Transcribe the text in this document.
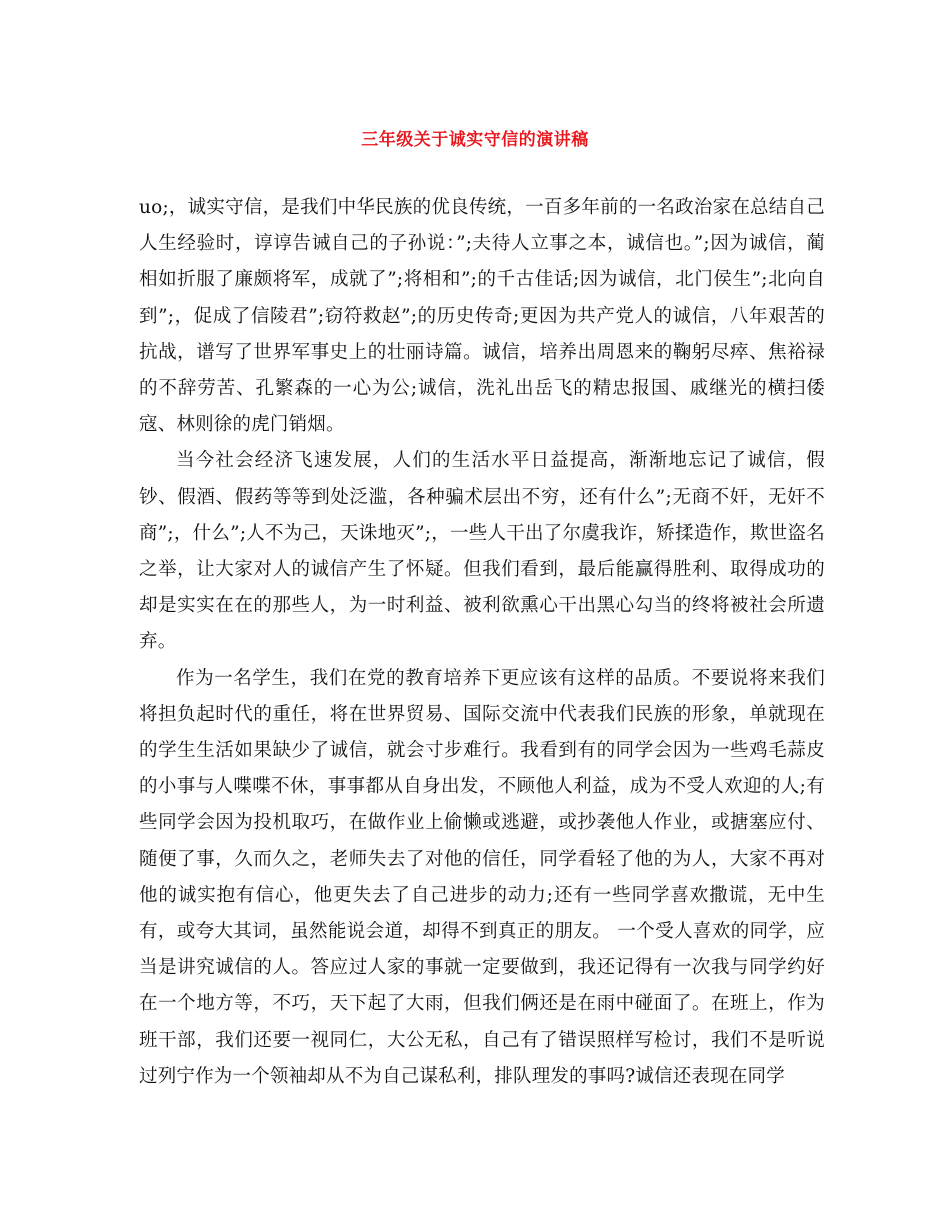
三年级关于诚实守信的演讲稿

uo;，诚实守信，是我们中华民族的优良传统，一百多年前的一名政治家在总结自己人生经验时，谆谆告诫自己的子孙说：”;夫待人立事之本，诚信也。”;因为诚信，蔺相如折服了廉颇将军，成就了”;将相和”;的千古佳话;因为诚信，北门侯生”;北向自到”;，促成了信陵君”;窃符救赵”;的历史传奇;更因为共产党人的诚信，八年艰苦的抗战，谱写了世界军事史上的壮丽诗篇。诚信，培养出周恩来的鞠躬尽瘁、焦裕禄的不辞劳苦、孔繁森的一心为公;诚信，洗礼出岳飞的精忠报国、戚继光的横扫倭寇、林则徐的虎门销烟。

当今社会经济飞速发展，人们的生活水平日益提高，渐渐地忘记了诚信，假钞、假酒、假药等等到处泛滥，各种骗术层出不穷，还有什么”;无商不奸，无奸不商”;，什么”;人不为己，天诛地灭”;，一些人干出了尔虞我诈，矫揉造作，欺世盗名之举，让大家对人的诚信产生了怀疑。但我们看到，最后能赢得胜利、取得成功的却是实实在在的那些人，为一时利益、被利欲熏心干出黑心勾当的终将被社会所遗弃。

作为一名学生，我们在党的教育培养下更应该有这样的品质。不要说将来我们将担负起时代的重任，将在世界贸易、国际交流中代表我们民族的形象，单就现在的学生生活如果缺少了诚信，就会寸步难行。我看到有的同学会因为一些鸡毛蒜皮的小事与人喋喋不休，事事都从自身出发，不顾他人利益，成为不受人欢迎的人;有些同学会因为投机取巧，在做作业上偷懒或逃避，或抄袭他人作业，或搪塞应付、随便了事，久而久之，老师失去了对他的信任，同学看轻了他的为人，大家不再对他的诚实抱有信心，他更失去了自己进步的动力;还有一些同学喜欢撒谎，无中生有，或夸大其词，虽然能说会道，却得不到真正的朋友。 一个受人喜欢的同学，应当是讲究诚信的人。答应过人家的事就一定要做到，我还记得有一次我与同学约好在一个地方等，不巧，天下起了大雨，但我们俩还是在雨中碰面了。在班上，作为班干部，我们还要一视同仁，大公无私，自己有了错误照样写检讨，我们不是听说过列宁作为一个领袖却从不为自己谋私利，排队理发的事吗?诚信还表现在同学
